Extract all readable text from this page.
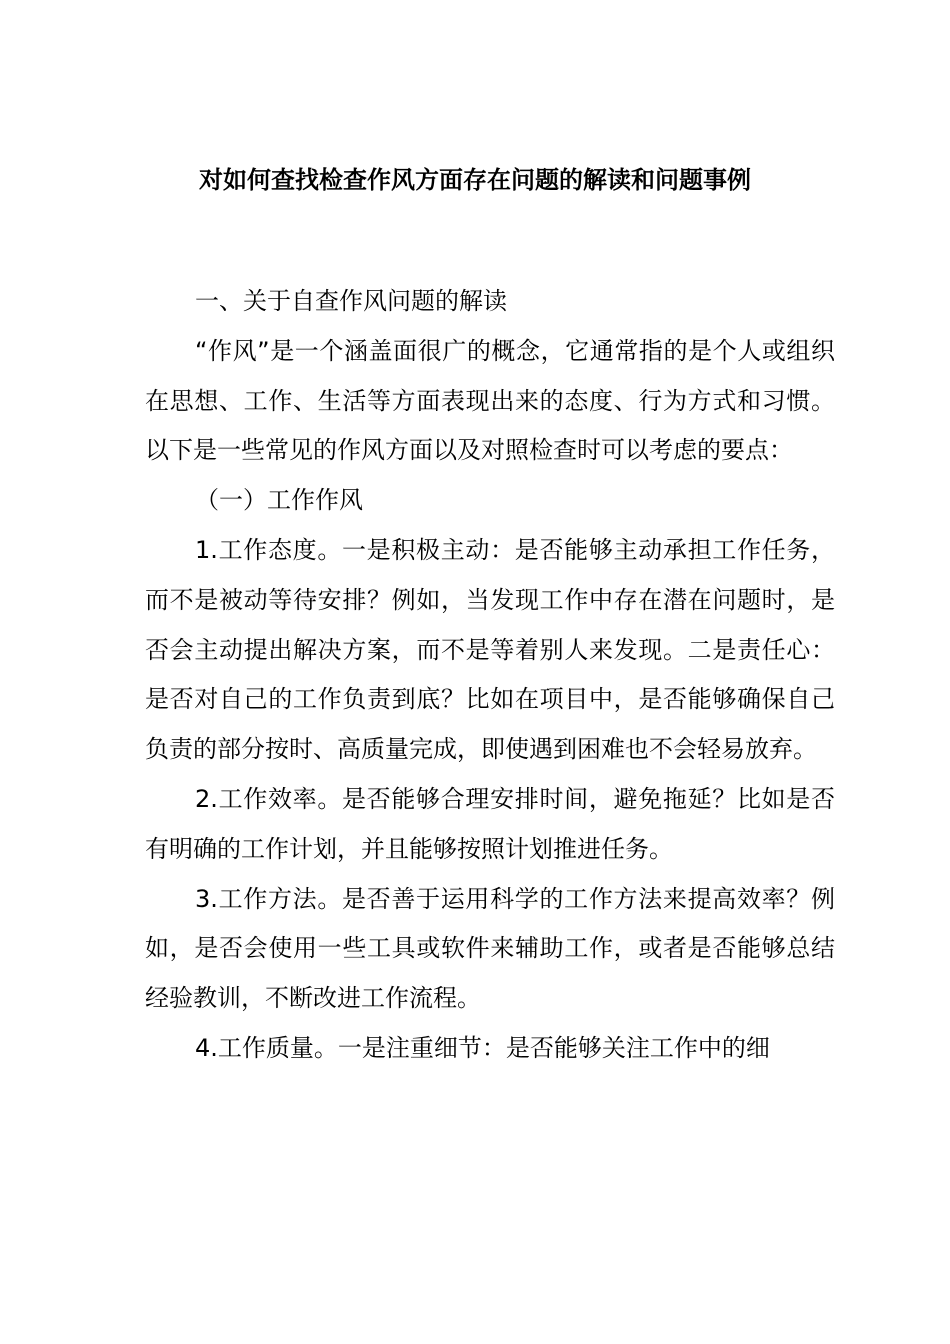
对如何查找检查作风方面存在问题的解读和问题事例

一、关于自查作风问题的解读

“作风”是一个涵盖面很广的概念，它通常指的是个人或组织在思想、工作、生活等方面表现出来的态度、行为方式和习惯。以下是一些常见的作风方面以及对照检查时可以考虑的要点：

（一）工作作风

1.工作态度。一是积极主动：是否能够主动承担工作任务，而不是被动等待安排？例如，当发现工作中存在潜在问题时，是否会主动提出解决方案，而不是等着别人来发现。二是责任心：是否对自己的工作负责到底？比如在项目中，是否能够确保自己负责的部分按时、高质量完成，即使遇到困难也不会轻易放弃。

2.工作效率。是否能够合理安排时间，避免拖延？比如是否有明确的工作计划，并且能够按照计划推进任务。

3.工作方法。是否善于运用科学的工作方法来提高效率？例如，是否会使用一些工具或软件来辅助工作，或者是否能够总结经验教训，不断改进工作流程。

4.工作质量。一是注重细节：是否能够关注工作中的细
